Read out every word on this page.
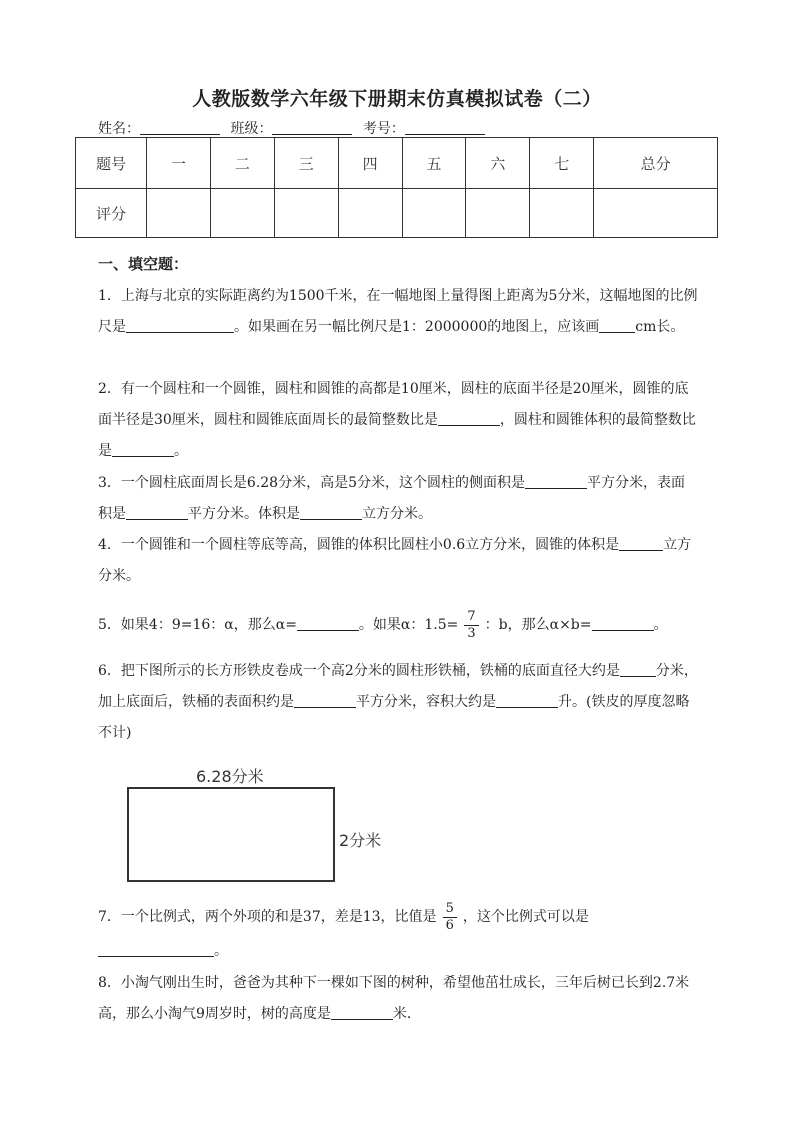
人教版数学六年级下册期末仿真模拟试卷（二）
姓名：	班级：	考号：
题号	一	二	三	四	五	六	七	总分
评分								
一、填空题：
1．上海与北京的实际距离约为1500千米，在一幅地图上量得图上距离为5分米，这幅地图的比例尺是	。如果画在另一幅比例尺是1：2000000的地图上，应该画	cm长。
2．有一个圆柱和一个圆锥，圆柱和圆锥的高都是10厘米，圆柱的底面半径是20厘米，圆锥的底面半径是30厘米，圆柱和圆锥底面周长的最简整数比是	，圆柱和圆锥体积的最简整数比是	。
3．一个圆柱底面周长是6.28分米，高是5分米，这个圆柱的侧面积是	平方分米，表面积是	平方分米。体积是	立方分米。
4．一个圆锥和一个圆柱等底等高，圆锥的体积比圆柱小0.6立方分米，圆锥的体积是	立方分米。
5．如果4：9=16：α，那么α=	。如果α：$1.5= \frac{7}{3}$ ：b，那么α×b=	。
6．把下图所示的长方形铁皮卷成一个高2分米的圆柱形铁桶，铁桶的底面直径大约是	分米，加上底面后，铁桶的表面积约是	平方分米，容积大约是	升。(铁皮的厚度忽略不计)
6.28分米
2分米
7．一个比例式，两个外项的和是37，差是13，比值是 $\frac{5}{6}$ ，这个比例式可以是。
8．小淘气刚出生时，爸爸为其种下一棵如下图的树种，希望他茁壮成长，三年后树已长到2.7米高，那么小淘气9周岁时，树的高度是	米．
